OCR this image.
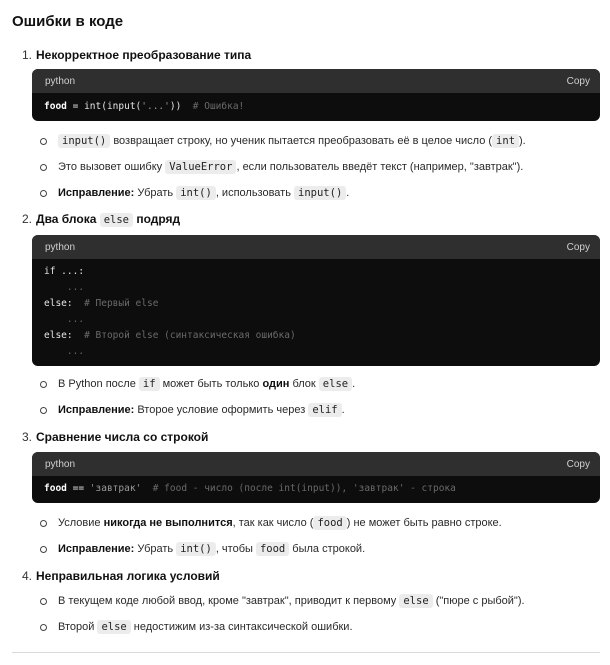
Ошибки в коде
1. Некорректное преобразование типа
python	Copy
food = int(input('...')) # Ошибка!
input() возвращает строку, но ученик пытается преобразовать её в целое число ( int ).
Это вызовет ошибку ValueError , если пользователь введёт текст (например, "завтрак").
Исправление: Убрать int() , использовать input() .
2. Два блока else подряд
python	Copy
if ...:
...
else: # Первый else
...
else: # Второй else (синтаксическая ошибка)
...
В Python после if может быть только один блок else .
Исправление: Второе условие оформить через elif .
3. Сравнение числа со строкой
python	Copy
food == 'завтрак' # food - число (после int(input)), 'завтрак' - строка
Условие никогда не выполнится, так как число ( food ) не может быть равно строке.
Исправление: Убрать int() , чтобы food была строкой.
4. Неправильная логика условий
В текущем коде любой ввод, кроме "завтрак", приводит к первому else ("пюре с рыбой").
Второй else недостижим из-за синтаксической ошибки.
